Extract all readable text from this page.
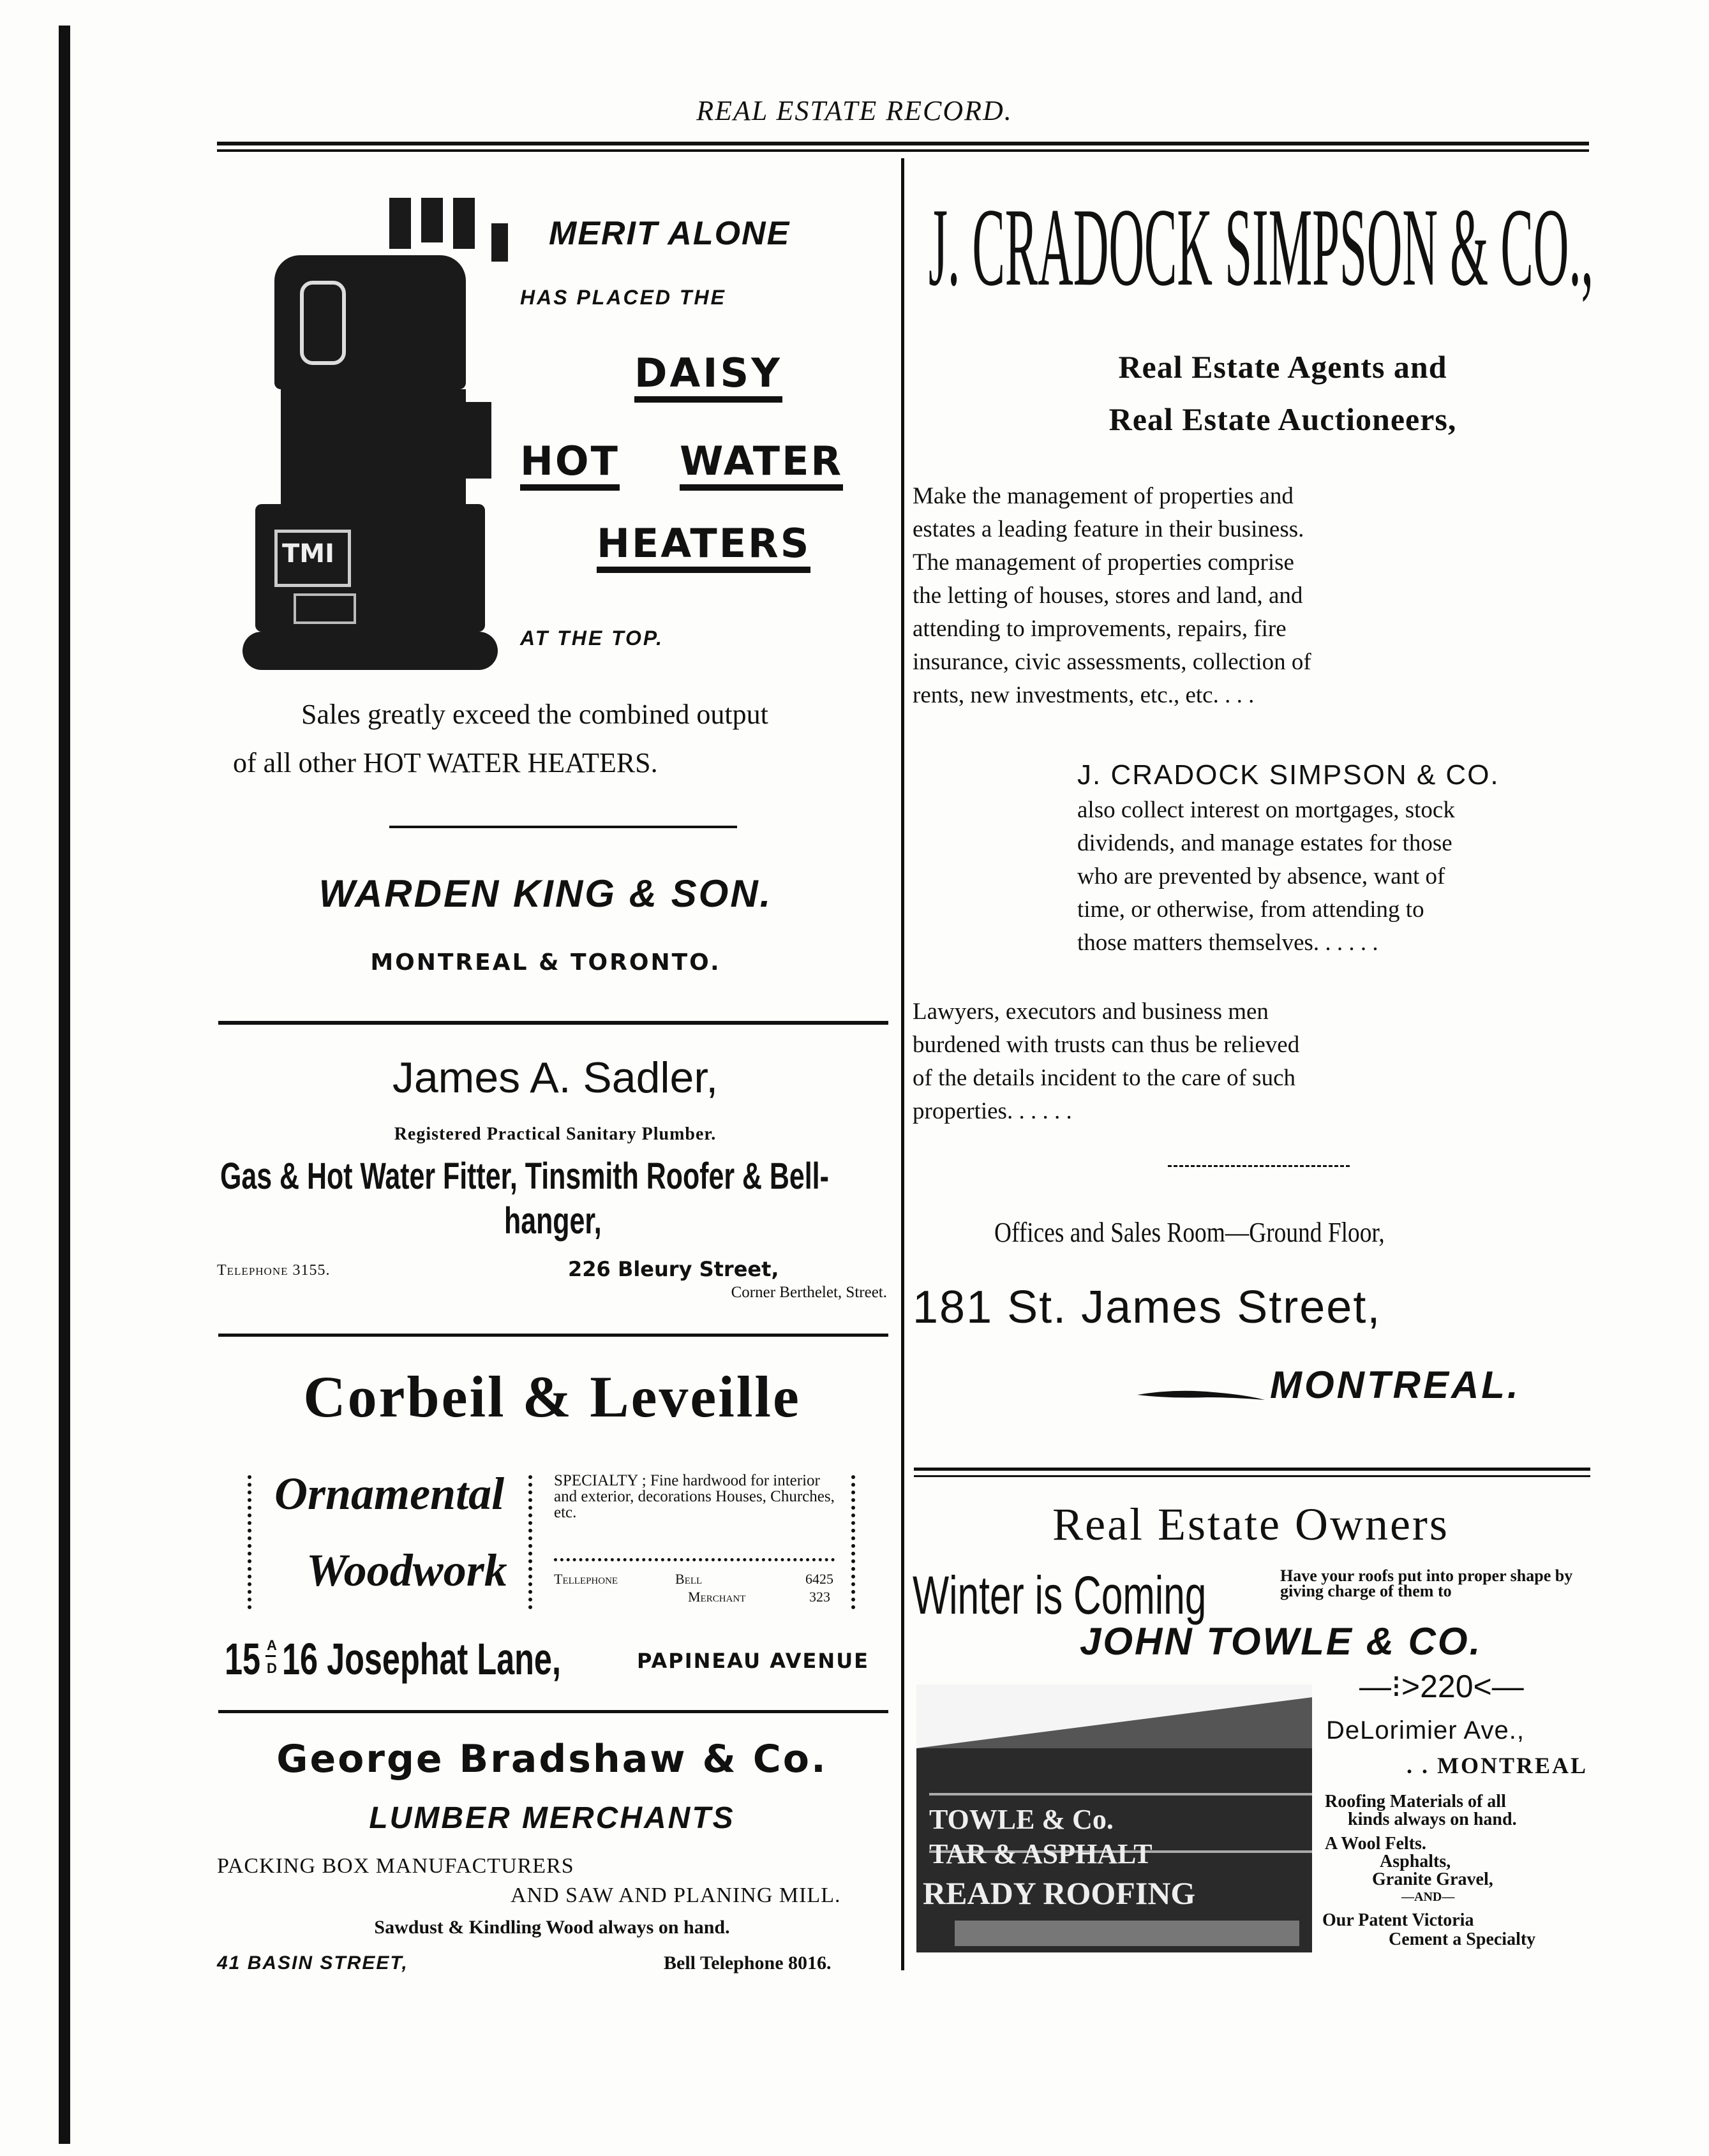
REAL ESTATE RECORD.
TMI
MERIT ALONE
HAS PLACED THE
DAISY
HOT WATER
HEATERS
AT THE TOP.
Sales greatly exceed the combined output
of all other HOT WATER HEATERS.
WARDEN KING & SON.
MONTREAL & TORONTO.
James A. Sadler,
Registered Practical Sanitary Plumber.
Gas & Hot Water Fitter, Tinsmith Roofer & Bell-
hanger,
Telephone 3155.	226 Bleury Street,
Corner Berthelet, Street.
Corbeil & Leveille
Ornamental
Woodwork
SPECIALTY ; Fine hardwood for interior and exterior, decorations Houses, Churches, etc.
Tellephone	Bell	6425
Merchant	323
15 A
D 16 Josephat Lane,	PAPINEAU AVENUE
George Bradshaw & Co.
LUMBER MERCHANTS
PACKING BOX MANUFACTURERS
AND SAW AND PLANING MILL.
Sawdust & Kindling Wood always on hand.
41 BASIN STREET,	Bell Telephone 8016.
J. CRADOCK SIMPSON & CO.,
Real Estate Agents and
Real Estate Auctioneers,
Make the management of properties and
estates a leading feature in their business.
The management of properties comprise
the letting of houses, stores and land, and
attending to improvements, repairs, fire
insurance, civic assessments, collection of
rents, new investments, etc., etc. . . .
J. CRADOCK SIMPSON & CO.
also collect interest on mortgages, stock
dividends, and manage estates for those
who are prevented by absence, want of
time, or otherwise, from attending to
those matters themselves. . . . . .
Lawyers, executors and business men
burdened with trusts can thus be relieved
of the details incident to the care of such
properties. . . . . .
Offices and Sales Room—Ground Floor,
181 St. James Street,
MONTREAL.
Real Estate Owners
Winter is Coming	Have your roofs put into proper shape by giving charge of them to
JOHN TOWLE & CO.
TOWLE & Co.
TAR & ASPHALT
READY ROOFING
—⁝>220<—
DeLorimier Ave.,
. . MONTREAL
Roofing Materials of all
kinds always on hand.
A Wool Felts.
Asphalts,
Granite Gravel,
—AND—
Our Patent Victoria
Cement a Specialty
